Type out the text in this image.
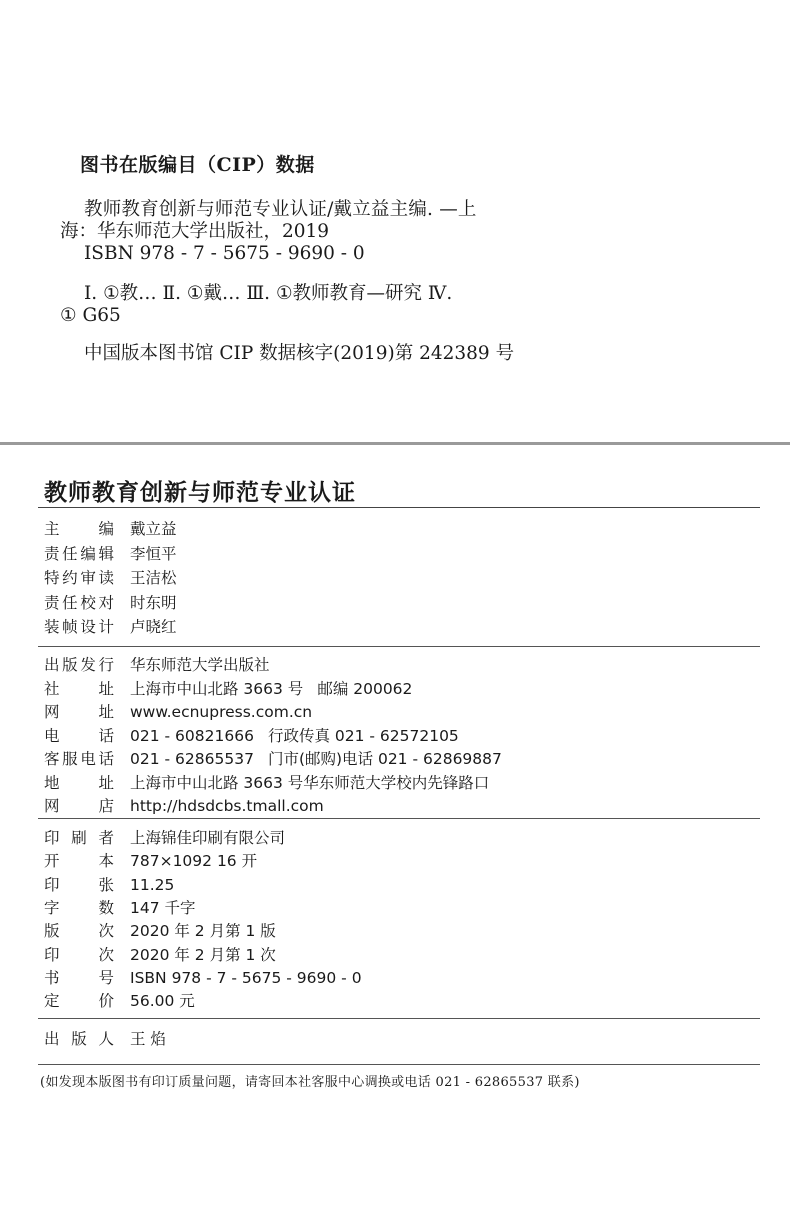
图书在版编目（CIP）数据
教师教育创新与师范专业认证/戴立益主编. —上
海：华东师范大学出版社，2019
ISBN 978 - 7 - 5675 - 9690 - 0
Ⅰ. ①教… Ⅱ. ①戴… Ⅲ. ①教师教育—研究 Ⅳ.
① G65
中国版本图书馆 CIP 数据核字(2019)第 242389 号
教师教育创新与师范专业认证
主	编 戴立益
责 任 编 辑 李恒平
特 约 审 读 王洁松
责 任 校 对 时东明
装 帧 设 计 卢晓红
出 版 发 行 华东师范大学出版社
社	址 上海市中山北路 3663 号 邮编 200062
网	址 www.ecnupress.com.cn
电	话 021 - 60821666 行政传真 021 - 62572105
客 服 电 话 021 - 62865537 门市(邮购)电话 021 - 62869887
地	址 上海市中山北路 3663 号华东师范大学校内先锋路口
网	店 http://hdsdcbs.tmall.com
印 刷 者 上海锦佳印刷有限公司
开	本 787×1092 16 开
印	张 11.25
字	数 147 千字
版	次 2020 年 2 月第 1 版
印	次 2020 年 2 月第 1 次
书	号 ISBN 978 - 7 - 5675 - 9690 - 0
定	价 56.00 元
出 版 人 王 焰
(如发现本版图书有印订质量问题，请寄回本社客服中心调换或电话 021 - 62865537 联系)
